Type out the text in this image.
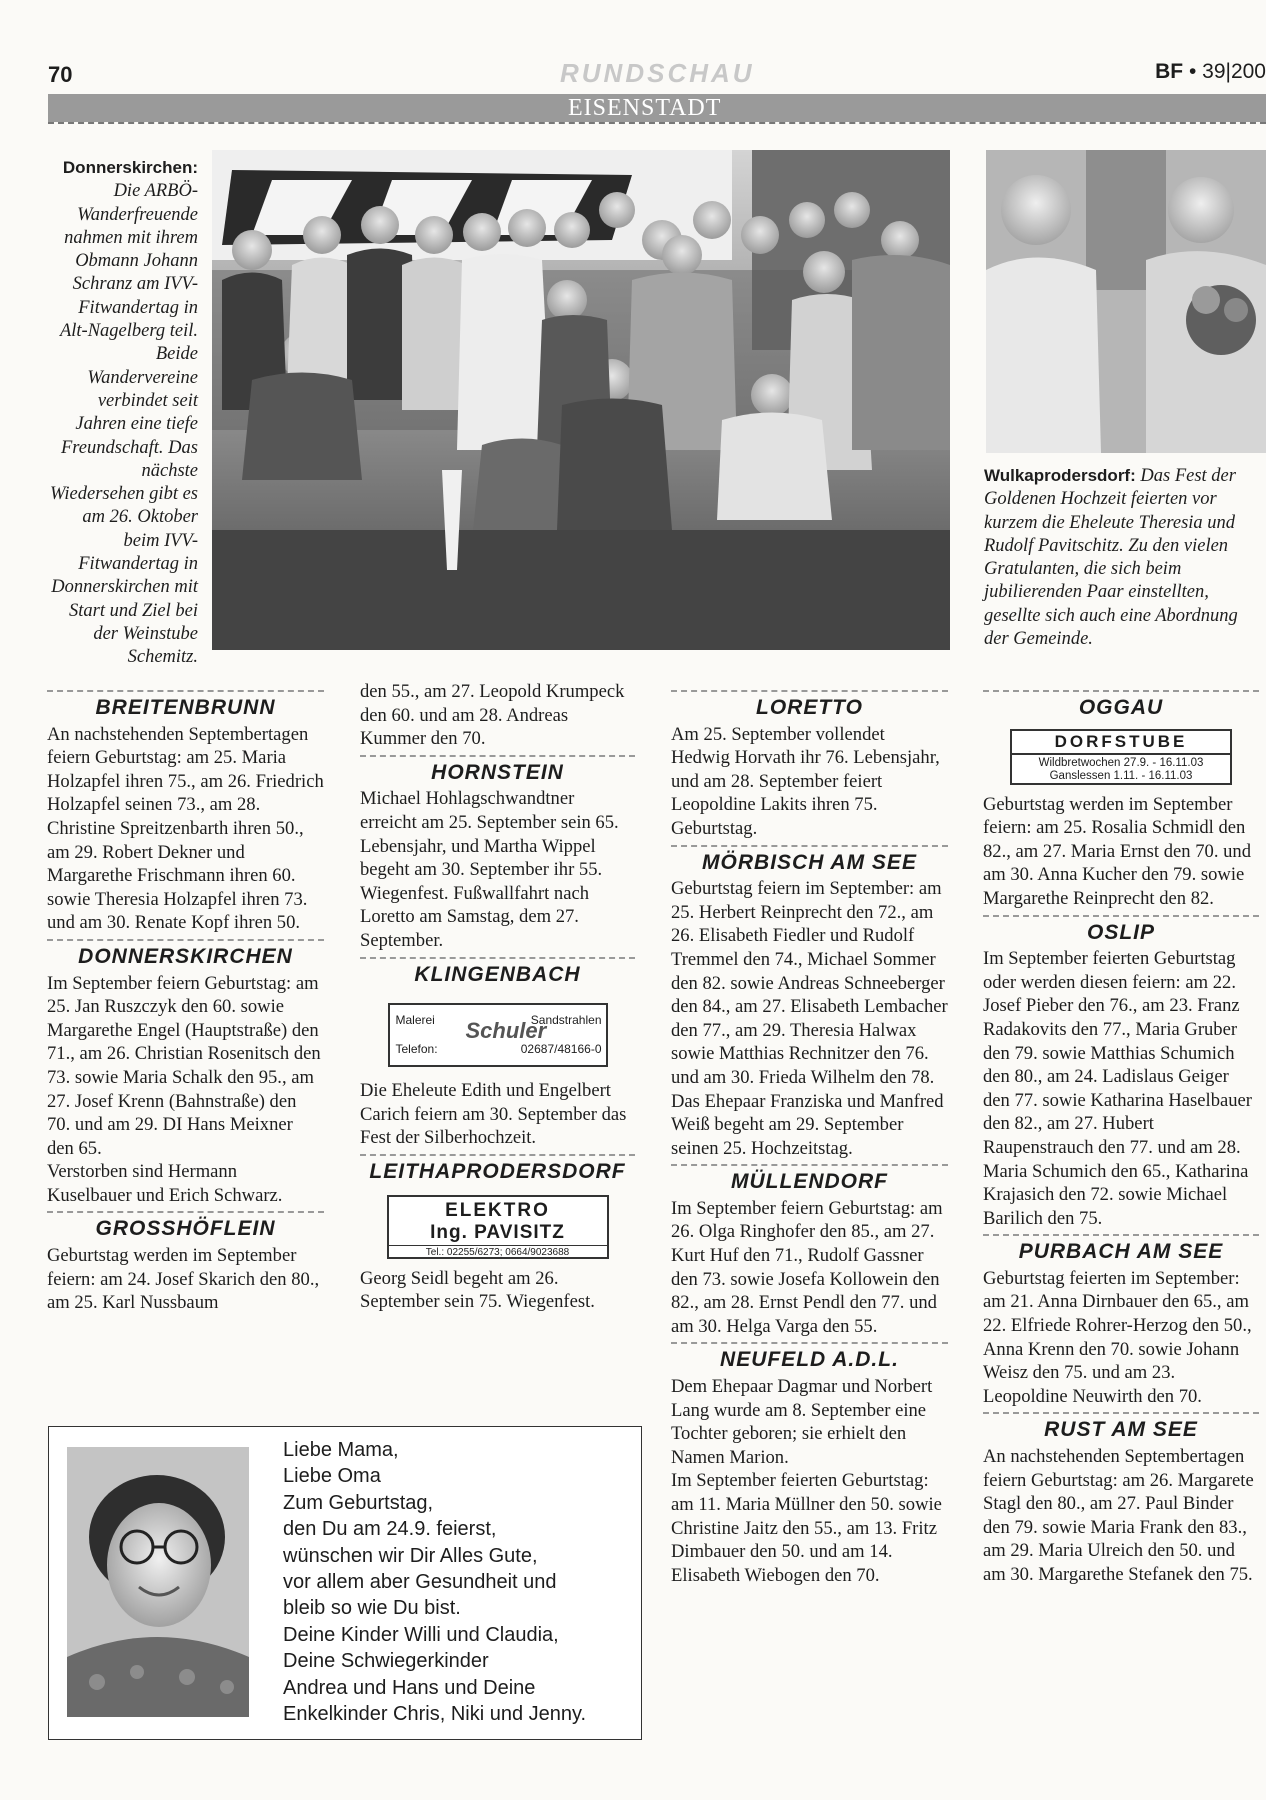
70	RUNDSCHAU	BF • 39|200
EISENSTADT
Donnerskirchen: Die ARBÖ-Wanderfreuende nahmen mit ihrem Obmann Johann Schranz am IVV-Fitwandertag in Alt-Nagelberg teil. Beide Wandervereine verbindet seit Jahren eine tiefe Freundschaft. Das nächste Wiedersehen gibt es am 26. Oktober beim IVV-Fitwandertag in Donnerskirchen mit Start und Ziel bei der Weinstube Schemitz.
Wulkaprodersdorf: Das Fest der Goldenen Hochzeit feierten vor kurzem die Eheleute Theresia und Rudolf Pavitschitz. Zu den vielen Gratulanten, die sich beim jubilierenden Paar einstellten, gesellte sich auch eine Abordnung der Gemeinde.
BREITENBRUNN

An nachstehenden Septembertagen feiern Geburtstag: am 25. Maria Holzapfel ihren 75., am 26. Friedrich Holzapfel seinen 73., am 28. Christine Spreitzenbarth ihren 50., am 29. Robert Dekner und Margarethe Frischmann ihren 60. sowie Theresia Holzapfel ihren 73. und am 30. Renate Kopf ihren 50.

DONNERSKIRCHEN

Im September feiern Geburtstag: am 25. Jan Ruszczyk den 60. sowie Margarethe Engel (Hauptstraße) den 71., am 26. Christian Rosenitsch den 73. sowie Maria Schalk den 95., am 27. Josef Krenn (Bahnstraße) den 70. und am 29. DI Hans Meixner den 65.

Verstorben sind Hermann Kuselbauer und Erich Schwarz.

GROSSHÖFLEIN

Geburtstag werden im September feiern: am 24. Josef Skarich den 80., am 25. Karl Nussbaum

den 55., am 27. Leopold Krumpeck den 60. und am 28. Andreas Kummer den 70.

HORNSTEIN

Michael Hohlagschwandtner erreicht am 25. September sein 65. Lebensjahr, und Martha Wippel begeht am 30. September ihr 55. Wiegenfest. Fußwallfahrt nach Loretto am Samstag, dem 27. September.

KLINGENBACH
Malerei	Sandstrahlen
Schuler
Telefon:	02687/48166-0

Die Eheleute Edith und Engelbert Carich feiern am 30. September das Fest der Silberhochzeit.

LEITHAPRODERSDORF
ELEKTRO
Ing. PAVISITZ
Tel.: 02255/6273; 0664/9023688

Georg Seidl begeht am 26. September sein 75. Wiegenfest.

LORETTO

Am 25. September vollendet Hedwig Horvath ihr 76. Lebensjahr, und am 28. September feiert Leopoldine Lakits ihren 75. Geburtstag.

MÖRBISCH AM SEE

Geburtstag feiern im September: am 25. Herbert Reinprecht den 72., am 26. Elisabeth Fiedler und Rudolf Tremmel den 74., Michael Sommer den 82. sowie Andreas Schneeberger den 84., am 27. Elisabeth Lembacher den 77., am 29. Theresia Halwax sowie Matthias Rechnitzer den 76. und am 30. Frieda Wilhelm den 78.

Das Ehepaar Franziska und Manfred Weiß begeht am 29. September seinen 25. Hochzeitstag.

MÜLLENDORF

Im September feiern Geburtstag: am 26. Olga Ringhofer den 85., am 27. Kurt Huf den 71., Rudolf Gassner den 73. sowie Josefa Kollowein den 82., am 28. Ernst Pendl den 77. und am 30. Helga Varga den 55.

NEUFELD A.D.L.

Dem Ehepaar Dagmar und Norbert Lang wurde am 8. September eine Tochter geboren; sie erhielt den Namen Marion.

Im September feierten Geburtstag: am 11. Maria Müllner den 50. sowie Christine Jaitz den 55., am 13. Fritz Dimbauer den 50. und am 14. Elisabeth Wiebogen den 70.

OGGAU
DORFSTUBE
Wildbretwochen 27.9. - 16.11.03
Ganslessen 1.11. - 16.11.03

Geburtstag werden im September feiern: am 25. Rosalia Schmidl den 82., am 27. Maria Ernst den 70. und am 30. Anna Kucher den 79. sowie Margarethe Reinprecht den 82.

OSLIP

Im September feierten Geburtstag oder werden diesen feiern: am 22. Josef Pieber den 76., am 23. Franz Radakovits den 77., Maria Gruber den 79. sowie Matthias Schumich den 80., am 24. Ladislaus Geiger den 77. sowie Katharina Haselbauer den 82., am 27. Hubert Raupenstrauch den 77. und am 28. Maria Schumich den 65., Katharina Krajasich den 72. sowie Michael Barilich den 75.

PURBACH AM SEE

Geburtstag feierten im September: am 21. Anna Dirnbauer den 65., am 22. Elfriede Rohrer-Herzog den 50., Anna Krenn den 70. sowie Johann Weisz den 75. und am 23. Leopoldine Neuwirth den 70.

RUST AM SEE

An nachstehenden Septembertagen feiern Geburtstag: am 26. Margarete Stagl den 80., am 27. Paul Binder den 79. sowie Maria Frank den 83., am 29. Maria Ulreich den 50. und am 30. Margarethe Stefanek den 75.

Liebe Mama,
Liebe Oma
Zum Geburtstag,
den Du am 24.9. feierst,
wünschen wir Dir Alles Gute,
vor allem aber Gesundheit und
bleib so wie Du bist.
Deine Kinder Willi und Claudia,
Deine Schwiegerkinder
Andrea und Hans und Deine
Enkelkinder Chris, Niki und Jenny.
